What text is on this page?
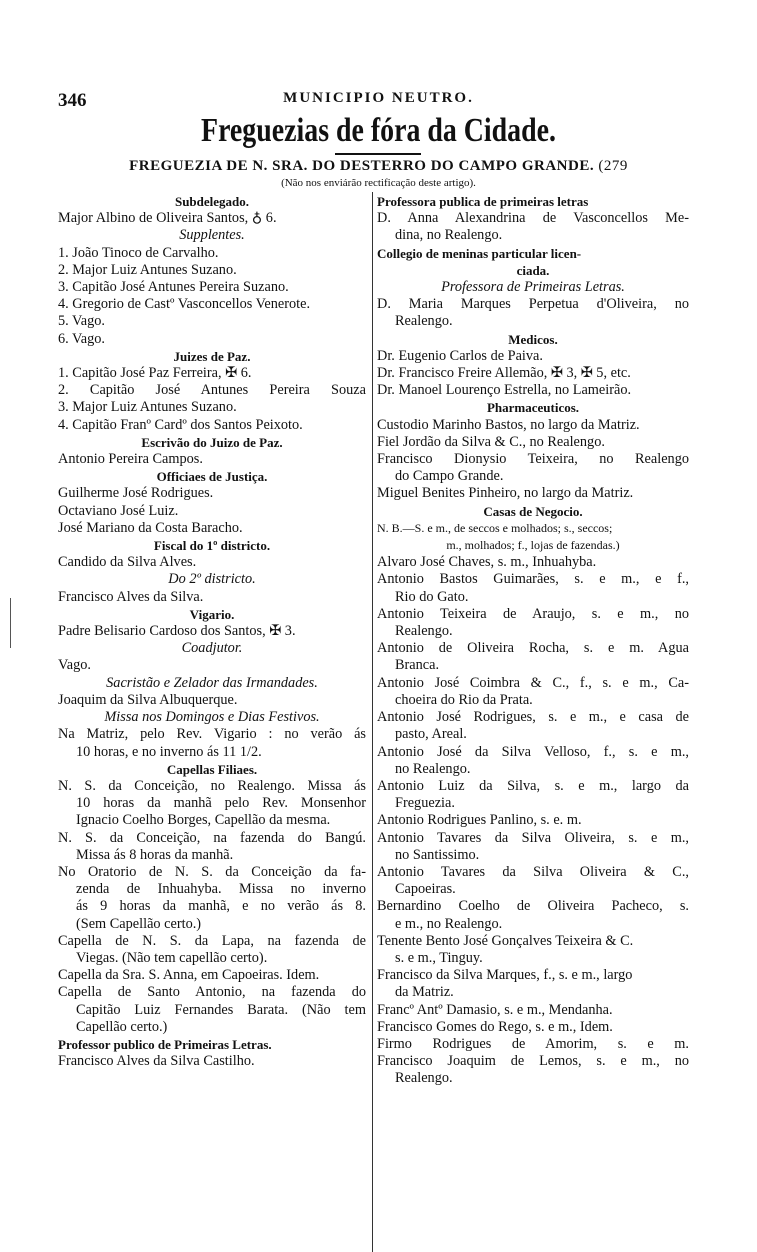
346	MUNICIPIO NEUTRO.
Freguezias de fóra da Cidade.
FREGUEZIA DE N. SRA. DO DESTERRO DO CAMPO GRANDE. (279
(Não nos enviárão rectificação deste artigo).
Subdelegado.
Major Albino de Oliveira Santos, ♁ 6.
Supplentes.
1. João Tinoco de Carvalho.
2. Major Luiz Antunes Suzano.
3. Capitão José Antunes Pereira Suzano.
4. Gregorio de Castº Vasconcellos Venerote.
5. Vago.
6. Vago.
Juizes de Paz.
1. Capitão José Paz Ferreira, ✠ 6.
2. Capitão José Antunes Pereira Souza
3. Major Luiz Antunes Suzano.
4. Capitão Franº Cardº dos Santos Peixoto.
Escrivão do Juizo de Paz.
Antonio Pereira Campos.
Officiaes de Justiça.
Guilherme José Rodrigues.
Octaviano José Luiz.
José Mariano da Costa Baracho.
Fiscal do 1º districto.
Candido da Silva Alves.
Do 2º districto.
Francisco Alves da Silva.
Vigario.
Padre Belisario Cardoso dos Santos, ✠ 3.
Coadjutor.
Vago.
Sacristão e Zelador das Irmandades.
Joaquim da Silva Albuquerque.
Missa nos Domingos e Dias Festivos.
Na Matriz, pelo Rev. Vigario : no verão ás
10 horas, e no inverno ás 11 1/2.
Capellas Filiaes.
N. S. da Conceição, no Realengo. Missa ás
10 horas da manhã pelo Rev. Monsenhor
Ignacio Coelho Borges, Capellão da mesma.
N. S. da Conceição, na fazenda do Bangú.
Missa ás 8 horas da manhã.
No Oratorio de N. S. da Conceição da fa-
zenda de Inhuahyba. Missa no inverno
ás 9 horas da manhã, e no verão ás 8.
(Sem Capellão certo.)
Capella de N. S. da Lapa, na fazenda de
Viegas. (Não tem capellão certo).
Capella da Sra. S. Anna, em Capoeiras. Idem.
Capella de Santo Antonio, na fazenda do
Capitão Luiz Fernandes Barata. (Não tem
Capellão certo.)
Professor publico de Primeiras Letras.
Francisco Alves da Silva Castilho.
Professora publica de primeiras letras
D. Anna Alexandrina de Vasconcellos Me-
dina, no Realengo.
Collegio de meninas particular licen-
ciada.
Professora de Primeiras Letras.
D. Maria Marques Perpetua d'Oliveira, no
Realengo.
Medicos.
Dr. Eugenio Carlos de Paiva.
Dr. Francisco Freire Allemão, ✠ 3, ✠ 5, etc.
Dr. Manoel Lourenço Estrella, no Lameirão.
Pharmaceuticos.
Custodio Marinho Bastos, no largo da Matriz.
Fiel Jordão da Silva & C., no Realengo.
Francisco Dionysio Teixeira, no Realengo
do Campo Grande.
Miguel Benites Pinheiro, no largo da Matriz.
Casas de Negocio.
N. B.—S. e m., de seccos e molhados; s., seccos;
m., molhados; f., lojas de fazendas.)
Alvaro José Chaves, s. m., Inhuahyba.
Antonio Bastos Guimarães, s. e m., e f.,
Rio do Gato.
Antonio Teixeira de Araujo, s. e m., no
Realengo.
Antonio de Oliveira Rocha, s. e m. Agua
Branca.
Antonio José Coimbra & C., f., s. e m., Ca-
choeira do Rio da Prata.
Antonio José Rodrigues, s. e m., e casa de
pasto, Areal.
Antonio José da Silva Velloso, f., s. e m.,
no Realengo.
Antonio Luiz da Silva, s. e m., largo da
Freguezia.
Antonio Rodrigues Panlino, s. e. m.
Antonio Tavares da Silva Oliveira, s. e m.,
no Santissimo.
Antonio Tavares da Silva Oliveira & C.,
Capoeiras.
Bernardino Coelho de Oliveira Pacheco, s.
e m., no Realengo.
Tenente Bento José Gonçalves Teixeira & C.
s. e m., Tinguy.
Francisco da Silva Marques, f., s. e m., largo
da Matriz.
Francº Antº Damasio, s. e m., Mendanha.
Francisco Gomes do Rego, s. e m., Idem.
Firmo Rodrigues de Amorim, s. e m.
Francisco Joaquim de Lemos, s. e m., no
Realengo.
